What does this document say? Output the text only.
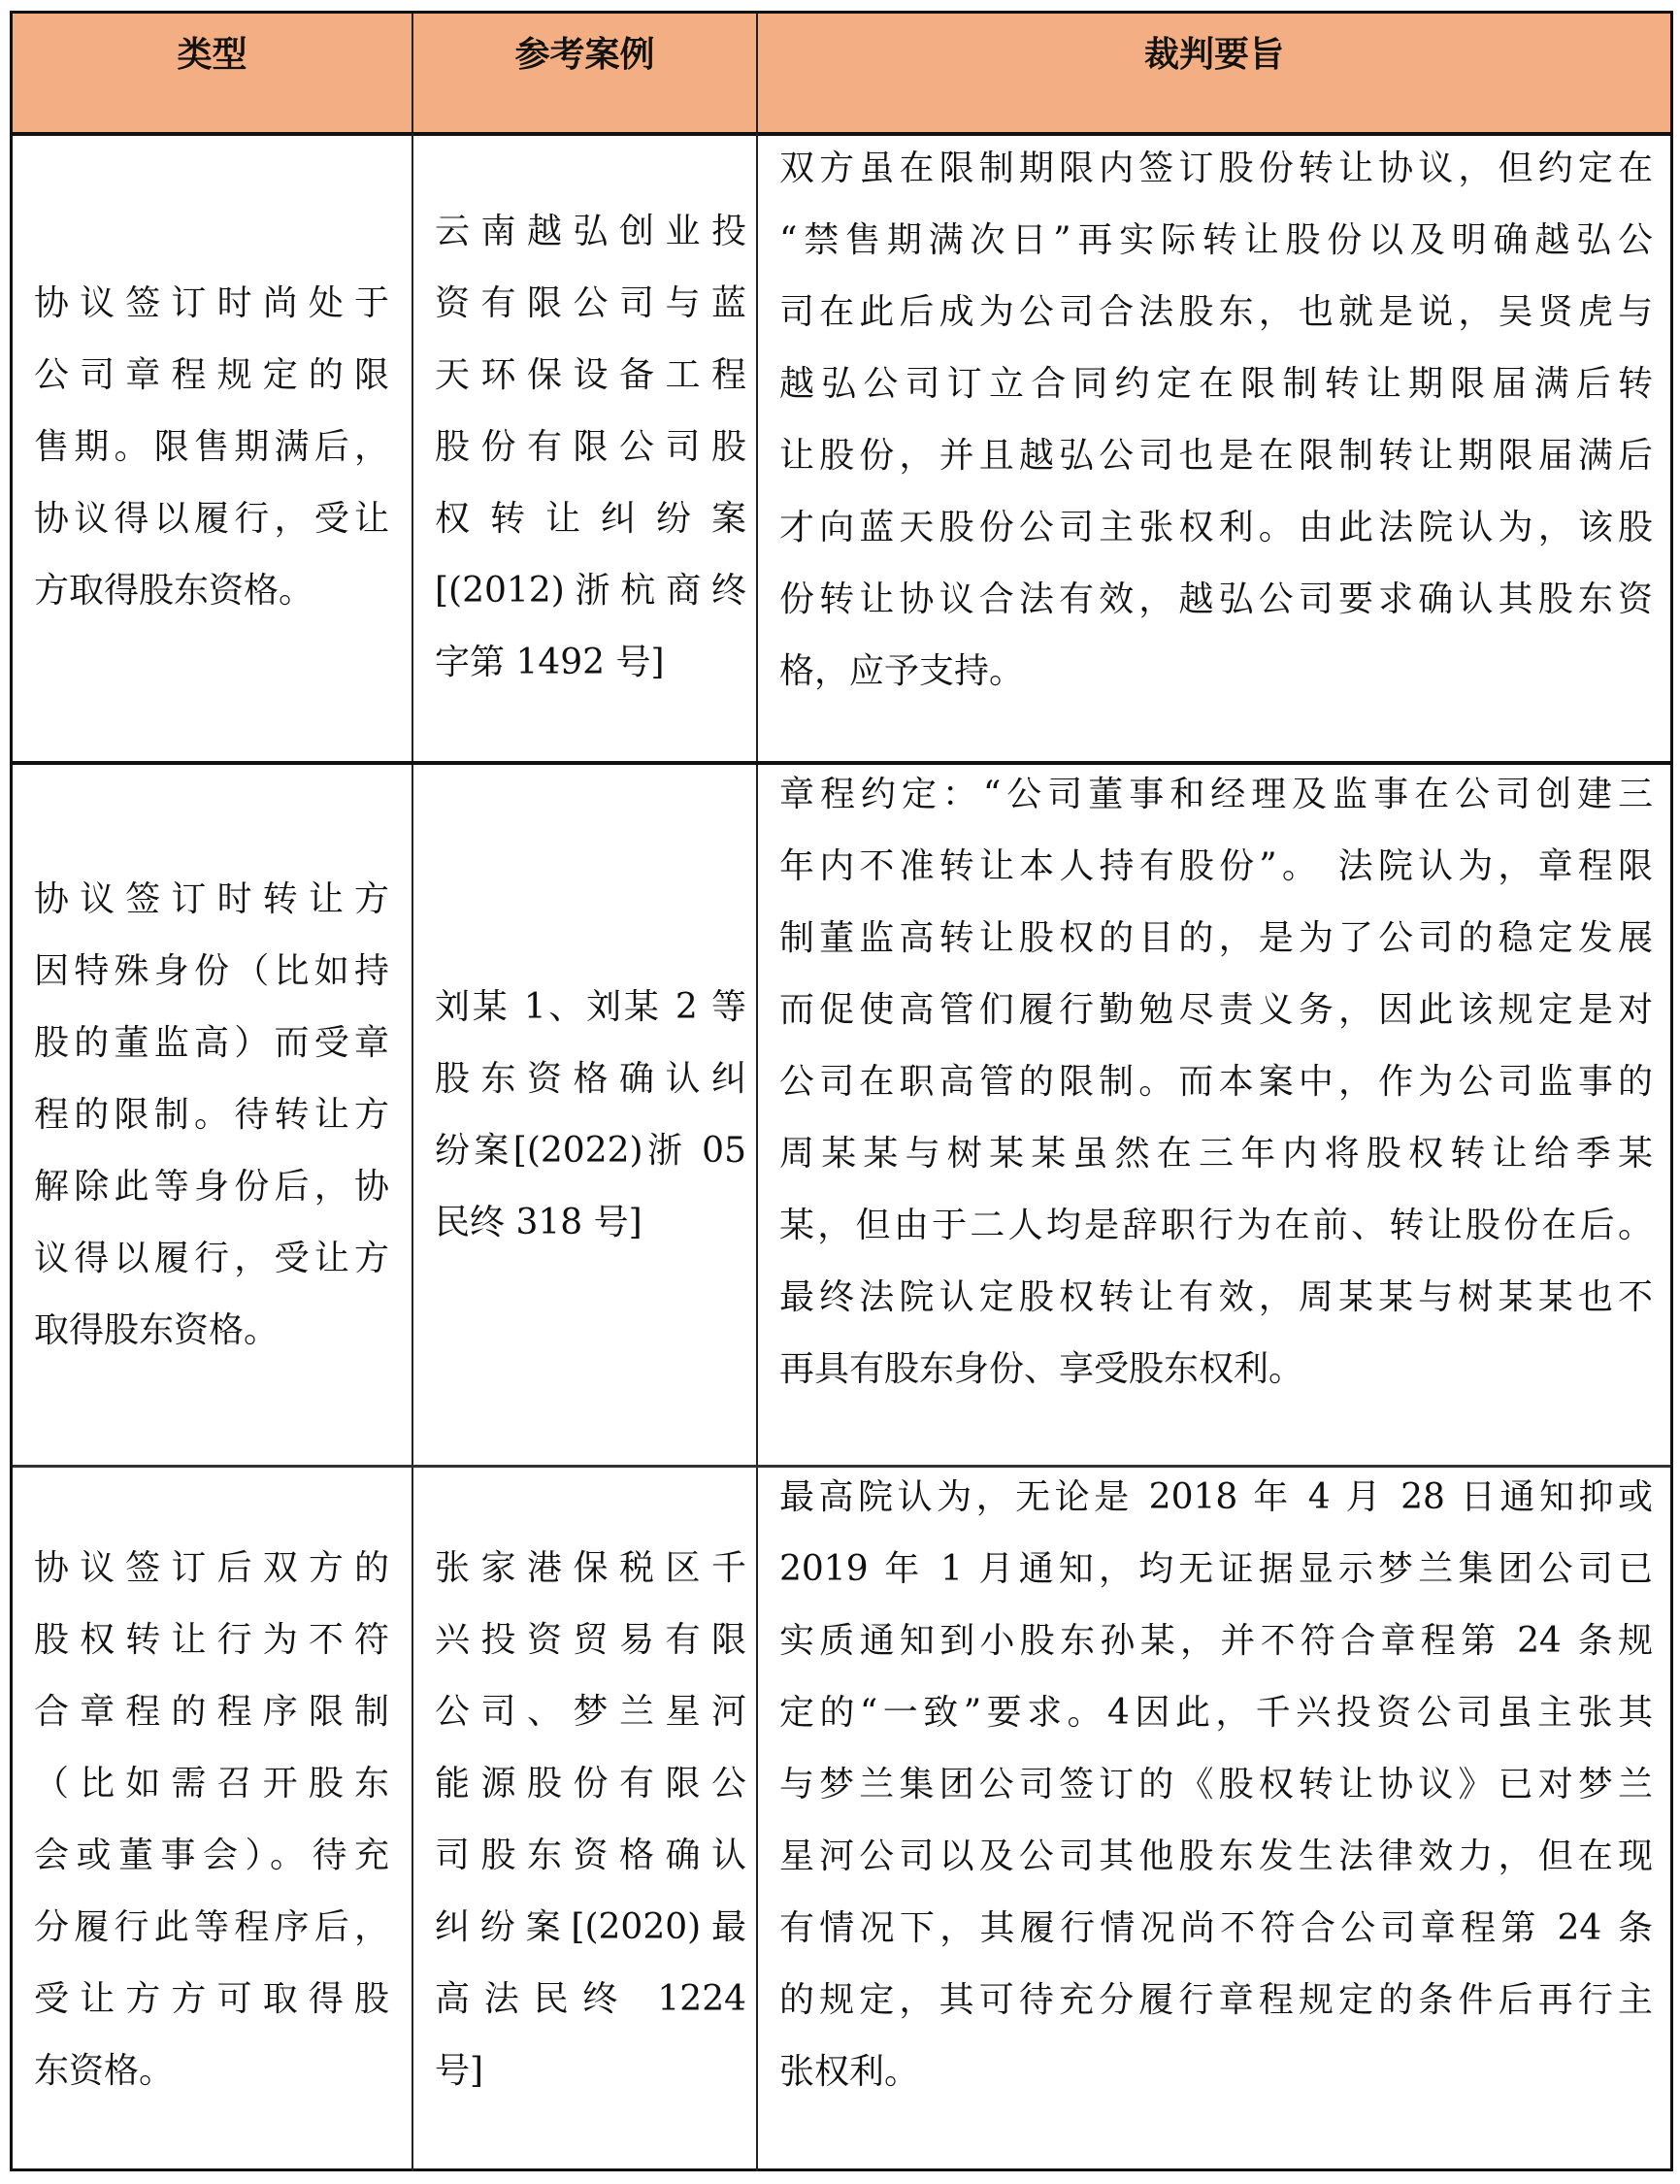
类型	参考案例	裁判要旨
协议签订时尚处于
公司章程规定的限
售期。限售期满后，
协议得以履行，受让
方取得股东资格。
云南越弘创业投
资有限公司与蓝
天环保设备工程
股份有限公司股
权转让纠纷案
[(2012)浙杭商终
字第 1492 号]
双方虽在限制期限内签订股份转让协议，但约定在
“禁售期满次日”再实际转让股份以及明确越弘公
司在此后成为公司合法股东，也就是说，吴贤虎与
越弘公司订立合同约定在限制转让期限届满后转
让股份，并且越弘公司也是在限制转让期限届满后
才向蓝天股份公司主张权利。由此法院认为，该股
份转让协议合法有效，越弘公司要求确认其股东资
格，应予支持。
协议签订时转让方
因特殊身份（比如持
股的董监高）而受章
程的限制。待转让方
解除此等身份后，协
议得以履行，受让方
取得股东资格。
刘某 1、刘某 2 等
股东资格确认纠
纷案[(2022)浙 05
民终 318 号]
章程约定：“公司董事和经理及监事在公司创建三
年内不准转让本人持有股份”。 法院认为，章程限
制董监高转让股权的目的，是为了公司的稳定发展
而促使高管们履行勤勉尽责义务，因此该规定是对
公司在职高管的限制。而本案中，作为公司监事的
周某某与树某某虽然在三年内将股权转让给季某
某，但由于二人均是辞职行为在前、转让股份在后。
最终法院认定股权转让有效，周某某与树某某也不
再具有股东身份、享受股东权利。
协议签订后双方的
股权转让行为不符
合章程的程序限制
（比如需召开股东
会或董事会）。待充
分履行此等程序后，
受让方方可取得股
东资格。
张家港保税区千
兴投资贸易有限
公司、梦兰星河
能源股份有限公
司股东资格确认
纠纷案[(2020)最
高法民终 1224
号]
最高院认为，无论是 2018 年 4 月 28 日通知抑或
2019 年 1 月通知，均无证据显示梦兰集团公司已
实质通知到小股东孙某，并不符合章程第 24 条规
定的“一致”要求。4因此，千兴投资公司虽主张其
与梦兰集团公司签订的《股权转让协议》已对梦兰
星河公司以及公司其他股东发生法律效力，但在现
有情况下，其履行情况尚不符合公司章程第 24 条
的规定，其可待充分履行章程规定的条件后再行主
张权利。
